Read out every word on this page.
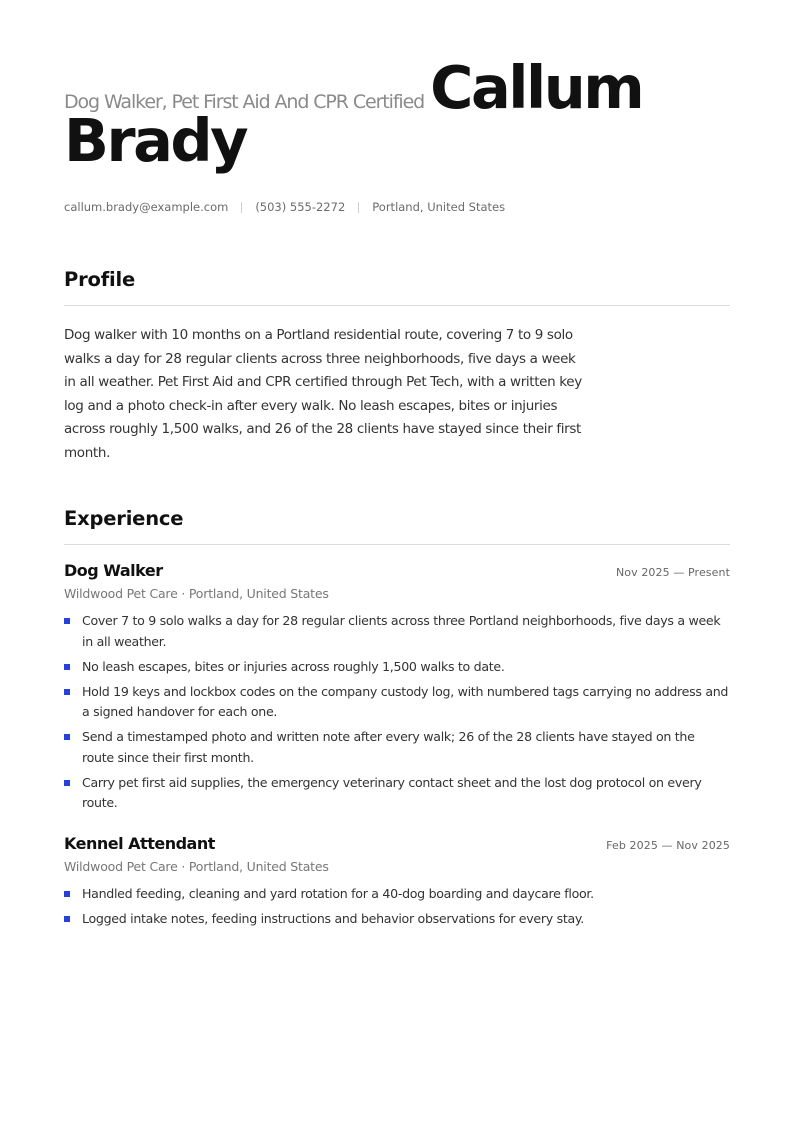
Dog Walker, Pet First Aid And CPR Certified Callum
Brady
callum.brady@example.com (503) 555-2272 Portland, United States
Profile

Dog walker with 10 months on a Portland residential route, covering 7 to 9 solo walks a day for 28 regular clients across three neighborhoods, five days a week in all weather. Pet First Aid and CPR certified through Pet Tech, with a written key log and a photo check-in after every walk. No leash escapes, bites or injuries across roughly 1,500 walks, and 26 of the 28 clients have stayed since their first month.

Experience
Dog Walker	Nov 2025 — Present
Wildwood Pet Care · Portland, United States
Cover 7 to 9 solo walks a day for 28 regular clients across three Portland neighborhoods, five days a week in all weather.
No leash escapes, bites or injuries across roughly 1,500 walks to date.
Hold 19 keys and lockbox codes on the company custody log, with numbered tags carrying no address and a signed handover for each one.
Send a timestamped photo and written note after every walk; 26 of the 28 clients have stayed on the route since their first month.
Carry pet first aid supplies, the emergency veterinary contact sheet and the lost dog protocol on every route.
Kennel Attendant	Feb 2025 — Nov 2025
Wildwood Pet Care · Portland, United States
Handled feeding, cleaning and yard rotation for a 40-dog boarding and daycare floor.
Logged intake notes, feeding instructions and behavior observations for every stay.
